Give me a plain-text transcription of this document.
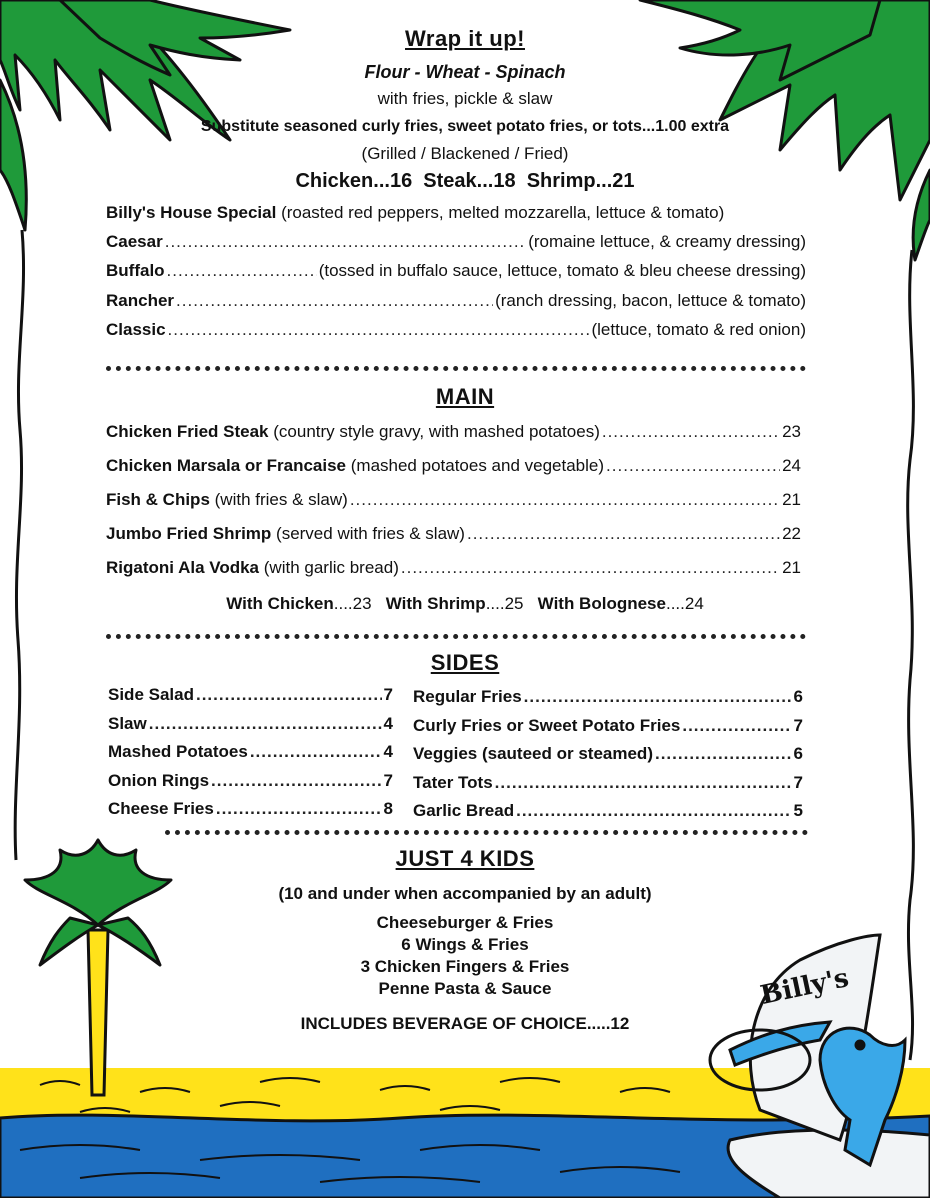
Wrap it up!
Flour - Wheat - Spinach
with fries, pickle & slaw
Substitute seasoned curly fries, sweet potato fries, or tots...1.00 extra
(Grilled / Blackened / Fried)
Chicken...16  Steak...18  Shrimp...21
Billy's House Special
(roasted red peppers, melted mozzarella, lettuce & tomato)
Caesar .....	(romaine lettuce, & creamy dressing)
Buffalo .....	(tossed in buffalo sauce, lettuce, tomato & bleu cheese dressing)
Rancher .....	(ranch dressing, bacon, lettuce & tomato)
Classic .....	(lettuce, tomato & red onion)
MAIN
Chicken Fried Steak
(country style gravy, with mashed potatoes) .....	23
Chicken Marsala or Francaise
(mashed potatoes and vegetable) .....	24
Fish & Chips
(with fries & slaw) .....	21
Jumbo Fried Shrimp
(served with fries & slaw) .....	22
Rigatoni Ala Vodka
(with garlic bread) .....	21
With Chicken....23 With Shrimp....25 With Bolognese....24
SIDES
Side Salad .....	7
Slaw .....	4
Mashed Potatoes .....	4
Onion Rings .....	7
Cheese Fries .....	8
Regular Fries .....	6
Curly Fries or Sweet Potato Fries .....	7
Veggies (sauteed or steamed) .....	6
Tater Tots .....	7
Garlic Bread .....	5
JUST 4 KIDS
(10 and under when accompanied by an adult)
Cheeseburger & Fries
6 Wings & Fries
3 Chicken Fingers & Fries
Penne Pasta & Sauce
INCLUDES BEVERAGE OF CHOICE.....12
Billy's
